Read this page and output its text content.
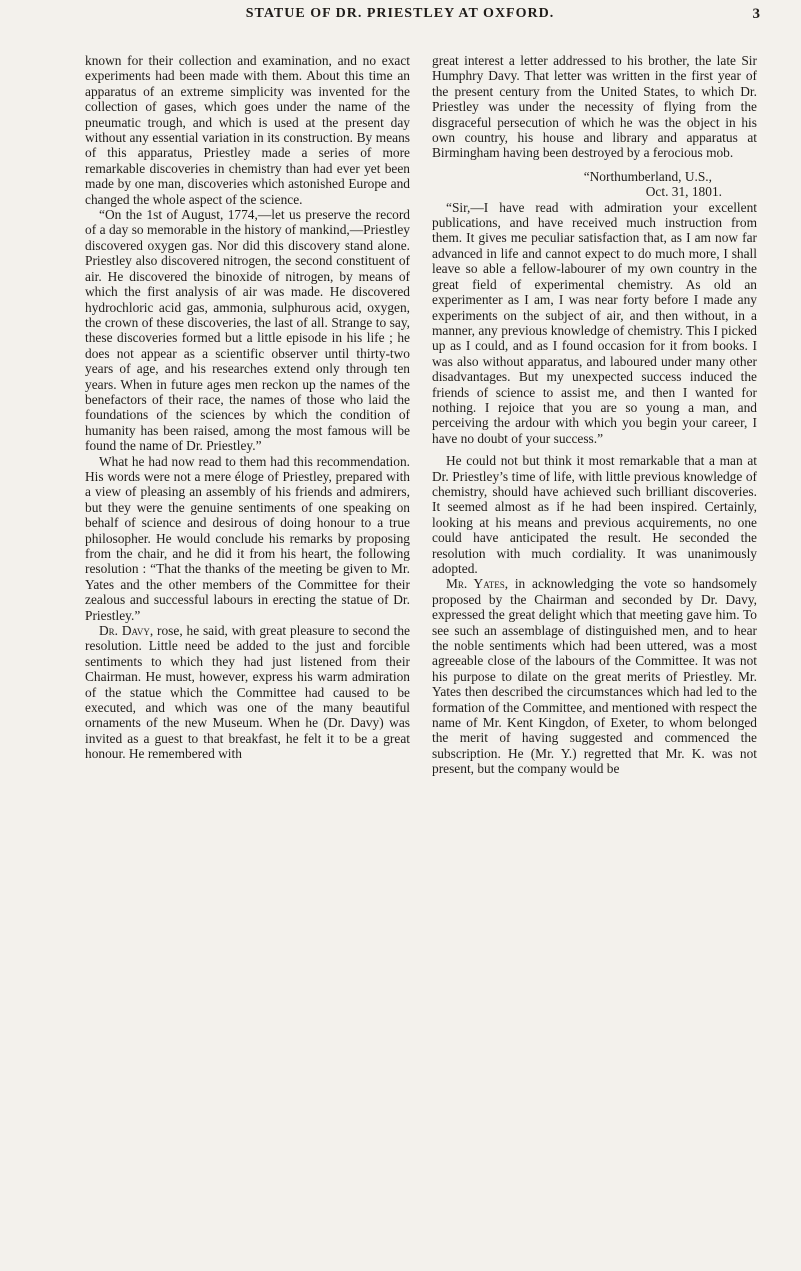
STATUE OF DR. PRIESTLEY AT OXFORD.	3

known for their collection and examination, and no exact experiments had been made with them. About this time an apparatus of an extreme simplicity was invented for the collection of gases, which goes under the name of the pneumatic trough, and which is used at the present day without any essential variation in its construction. By means of this apparatus, Priestley made a series of more remarkable discoveries in chemistry than had ever yet been made by one man, discoveries which astonished Europe and changed the whole aspect of the science.

“On the 1st of August, 1774,—let us preserve the record of a day so memorable in the history of mankind,—Priestley discovered oxygen gas. Nor did this discovery stand alone. Priestley also discovered nitrogen, the second constituent of air. He discovered the binoxide of nitrogen, by means of which the first analysis of air was made. He discovered hydrochloric acid gas, ammonia, sulphurous acid, oxygen, the crown of these discoveries, the last of all. Strange to say, these discoveries formed but a little episode in his life ; he does not appear as a scientific observer until thirty-two years of age, and his researches extend only through ten years. When in future ages men reckon up the names of the benefactors of their race, the names of those who laid the foundations of the sciences by which the condition of humanity has been raised, among the most famous will be found the name of Dr. Priestley.”

What he had now read to them had this recommendation. His words were not a mere éloge of Priestley, prepared with a view of pleasing an assembly of his friends and admirers, but they were the genuine sentiments of one speaking on behalf of science and desirous of doing honour to a true philosopher. He would conclude his remarks by proposing from the chair, and he did it from his heart, the following resolution : “That the thanks of the meeting be given to Mr. Yates and the other members of the Committee for their zealous and successful labours in erecting the statue of Dr. Priestley.”

Dr. Davy, rose, he said, with great pleasure to second the resolution. Little need be added to the just and forcible sentiments to which they had just listened from their Chairman. He must, however, express his warm admiration of the statue which the Committee had caused to be executed, and which was one of the many beautiful ornaments of the new Museum. When he (Dr. Davy) was invited as a guest to that breakfast, he felt it to be a great honour. He remembered with

great interest a letter addressed to his brother, the late Sir Humphry Davy. That letter was written in the first year of the present century from the United States, to which Dr. Priestley was under the necessity of flying from the disgraceful persecution of which he was the object in his own country, his house and library and apparatus at Birmingham having been destroyed by a ferocious mob.

“Northumberland, U.S.,

Oct. 31, 1801.

“Sir,—I have read with admiration your excellent publications, and have received much instruction from them. It gives me peculiar satisfaction that, as I am now far advanced in life and cannot expect to do much more, I shall leave so able a fellow-labourer of my own country in the great field of experimental chemistry. As old an experimenter as I am, I was near forty before I made any experiments on the subject of air, and then without, in a manner, any previous knowledge of chemistry. This I picked up as I could, and as I found occasion for it from books. I was also without apparatus, and laboured under many other disadvantages. But my unexpected success induced the friends of science to assist me, and then I wanted for nothing. I rejoice that you are so young a man, and perceiving the ardour with which you begin your career, I have no doubt of your success.”

He could not but think it most remarkable that a man at Dr. Priestley’s time of life, with little previous knowledge of chemistry, should have achieved such brilliant discoveries. It seemed almost as if he had been inspired. Certainly, looking at his means and previous acquirements, no one could have anticipated the result. He seconded the resolution with much cordiality. It was unanimously adopted.

Mr. Yates, in acknowledging the vote so handsomely proposed by the Chairman and seconded by Dr. Davy, expressed the great delight which that meeting gave him. To see such an assemblage of distinguished men, and to hear the noble sentiments which had been uttered, was a most agreeable close of the labours of the Committee. It was not his purpose to dilate on the great merits of Priestley. Mr. Yates then described the circumstances which had led to the formation of the Committee, and mentioned with respect the name of Mr. Kent Kingdon, of Exeter, to whom belonged the merit of having suggested and commenced the subscription. He (Mr. Y.) regretted that Mr. K. was not present, but the company would be
